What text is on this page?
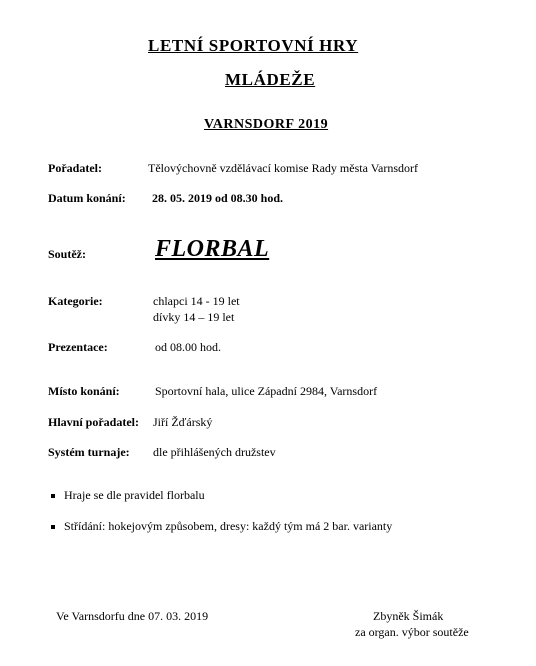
LETNÍ SPORTOVNÍ HRY
MLÁDEŽE
VARNSDORF 2019
Pořadatel:	Tělovýchovně vzdělávací komise Rady města Varnsdorf
Datum konání: 28. 05. 2019 od 08.30 hod.
Soutěž:	FLORBAL
Kategorie:	chlapci 14 - 19 let
dívky 14 – 19 let
Prezentace:	od 08.00 hod.
Místo konání:	Sportovní hala, ulice Západní 2984, Varnsdorf
Hlavní pořadatel: Jiří Žďárský
Systém turnaje: dle přihlášených družstev
Hraje se dle pravidel florbalu
Střídání: hokejovým způsobem, dresy: každý tým má 2 bar. varianty
Ve Varnsdorfu dne 07. 03. 2019	Zbyněk Šimák
za organ. výbor soutěže
